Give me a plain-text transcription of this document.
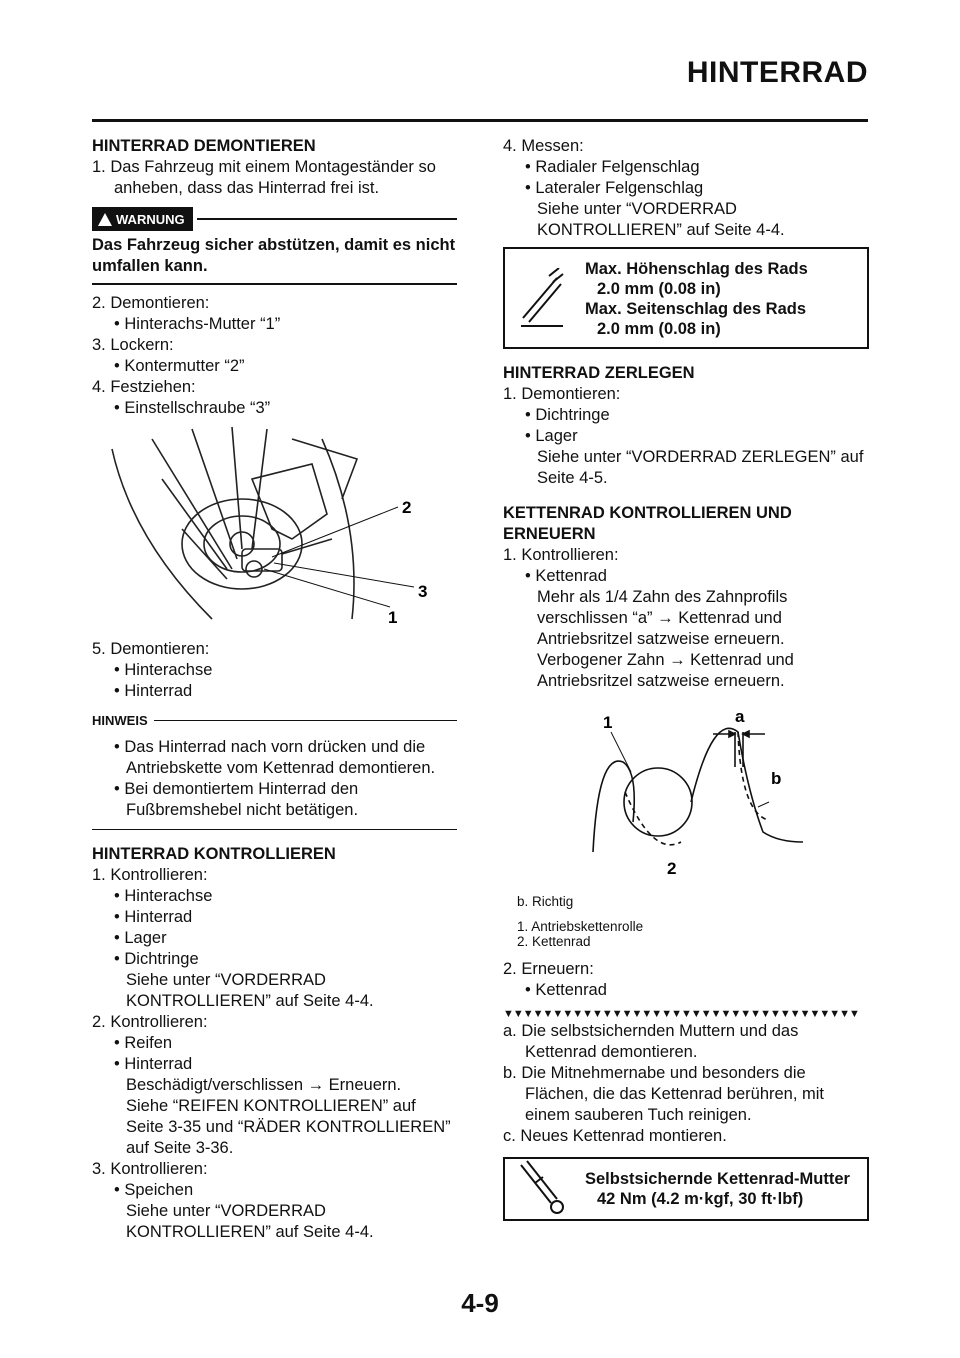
HINTERRAD

HINTERRAD DEMONTIEREN

1. Das Fahrzeug mit einem Montageständer so anheben, dass das Hinterrad frei ist.
WARNUNG
Das Fahrzeug sicher abstützen, damit es nicht umfallen kann.
2. Demontieren:
• Hinterachs-Mutter “1”
3. Lockern:
• Kontermutter “2”
4. Festziehen:
• Einstellschraube “3”
2
3
1
5. Demontieren:
• Hinterachse
• Hinterrad
HINWEIS
• Das Hinterrad nach vorn drücken und die Antriebskette vom Kettenrad demontieren.
• Bei demontiertem Hinterrad den Fußbremshebel nicht betätigen.

HINTERRAD KONTROLLIEREN

1. Kontrollieren:
• Hinterachse
• Hinterrad
• Lager
• Dichtringe
Siehe unter “VORDERRAD KONTROLLIEREN” auf Seite 4-4.
2. Kontrollieren:
• Reifen
• Hinterrad
Beschädigt/verschlissen → Erneuern.
Siehe “REIFEN KONTROLLIEREN” auf Seite 3-35 und “RÄDER KONTROLLIEREN” auf Seite 3-36.
3. Kontrollieren:
• Speichen
Siehe unter “VORDERRAD KONTROLLIEREN” auf Seite 4-4.
4. Messen:
• Radialer Felgenschlag
• Lateraler Felgenschlag
Siehe unter “VORDERRAD KONTROLLIEREN” auf Seite 4-4.
Max. Höhenschlag des Rads
2.0 mm (0.08 in)
Max. Seitenschlag des Rads
2.0 mm (0.08 in)

HINTERRAD ZERLEGEN

1. Demontieren:
• Dichtringe
• Lager
Siehe unter “VORDERRAD ZERLEGEN” auf Seite 4-5.

KETTENRAD KONTROLLIEREN UND ERNEUERN

1. Kontrollieren:
• Kettenrad
Mehr als 1/4 Zahn des Zahnprofils verschlissen “a” → Kettenrad und Antriebsritzel satzweise erneuern.
Verbogener Zahn → Kettenrad und Antriebsritzel satzweise erneuern.
1	a
b
2
b. Richtig
1. Antriebskettenrolle
2. Kettenrad
2. Erneuern:
• Kettenrad
▼▼▼▼▼▼▼▼▼▼▼▼▼▼▼▼▼▼▼▼▼▼▼▼▼▼▼▼▼▼▼▼▼▼▼▼
a. Die selbstsichernden Muttern und das Kettenrad demontieren.
b. Die Mitnehmernabe und besonders die Flächen, die das Kettenrad berühren, mit einem sauberen Tuch reinigen.
c. Neues Kettenrad montieren.
Selbstsichernde Kettenrad-Mutter
42 Nm (4.2 m·kgf, 30 ft·lbf)
4-9
